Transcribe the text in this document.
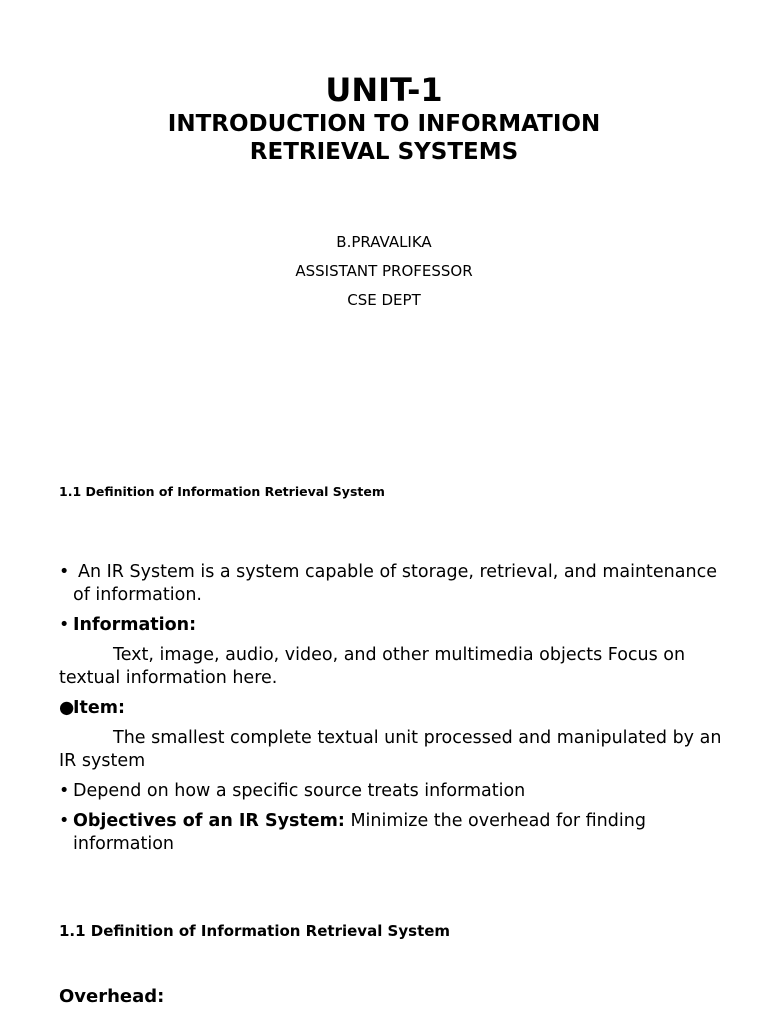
UNIT-1
INTRODUCTION TO INFORMATION
RETRIEVAL SYSTEMS
B.PRAVALIKA
ASSISTANT PROFESSOR
CSE DEPT
1.1 Definition of Information Retrieval System
• An IR System is a system capable of storage, retrieval, and maintenance of information.
• Information:
Text, image, audio, video, and other multimedia objects Focus on textual information here.
●
Item:
The smallest complete textual unit processed and manipulated by an IR system
• Depend on how a specific source treats information
• Objectives of an IR System: Minimize the overhead for finding information
1.1 Definition of Information Retrieval System
Overhead:
